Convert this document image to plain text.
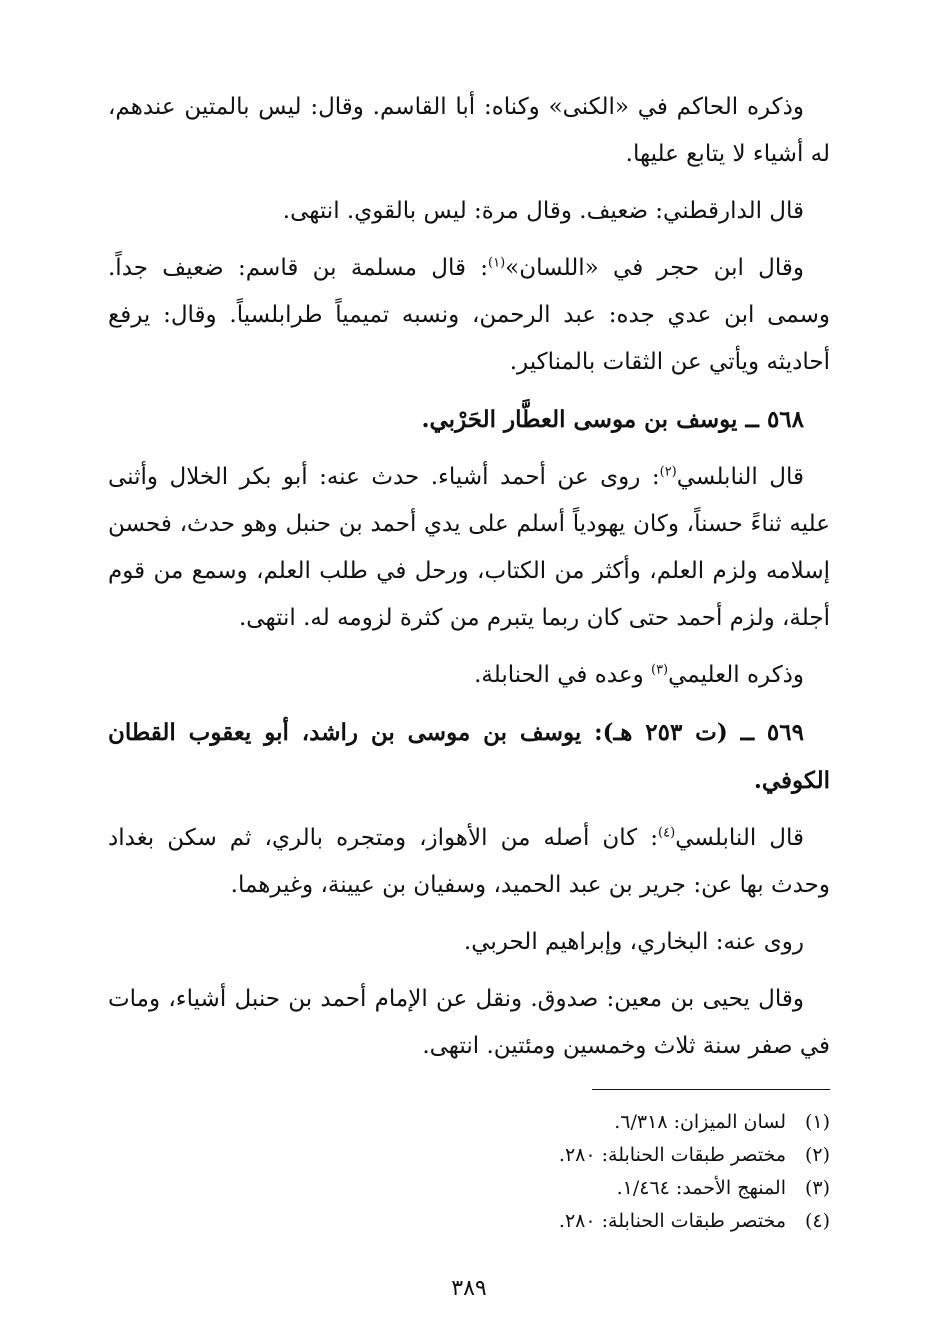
وذكره الحاكم في «الكنى» وكناه: أبا القاسم. وقال: ليس بالمتين عندهم، له أشياء لا يتابع عليها.

قال الدارقطني: ضعيف. وقال مرة: ليس بالقوي. انتهى.

وقال ابن حجر في «اللسان»$^{(١)}$: قال مسلمة بن قاسم: ضعيف جداً. وسمى ابن عدي جده: عبد الرحمن، ونسبه تميمياً طرابلسياً. وقال: يرفع أحاديثه ويأتي عن الثقات بالمناكير.

٥٦٨ ــ يوسف بن موسى العطَّار الحَرْبي.

قال النابلسي$^{(٢)}$: روى عن أحمد أشياء. حدث عنه: أبو بكر الخلال وأثنى عليه ثناءً حسناً، وكان يهودياً أسلم على يدي أحمد بن حنبل وهو حدث، فحسن إسلامه ولزم العلم، وأكثر من الكتاب، ورحل في طلب العلم، وسمع من قوم أجلة، ولزم أحمد حتى كان ربما يتبرم من كثرة لزومه له. انتهى.

وذكره العليمي$^{(٣)}$ وعده في الحنابلة.

٥٦٩ ــ (ت ٢٥٣ هـ): يوسف بن موسى بن راشد، أبو يعقوب القطان الكوفي.

قال النابلسي$^{(٤)}$: كان أصله من الأهواز، ومتجره بالري، ثم سكن بغداد وحدث بها عن: جرير بن عبد الحميد، وسفيان بن عيينة، وغيرهما.

روى عنه: البخاري، وإبراهيم الحربي.

وقال يحيى بن معين: صدوق. ونقل عن الإمام أحمد بن حنبل أشياء، ومات في صفر سنة ثلاث وخمسين ومئتين. انتهى.

(١)
لسان الميزان: ٦/٣١٨.
(٢)
مختصر طبقات الحنابلة: ٢٨٠.
(٣)
المنهج الأحمد: ١/٤٦٤.
(٤)
مختصر طبقات الحنابلة: ٢٨٠.
٣٨٩
